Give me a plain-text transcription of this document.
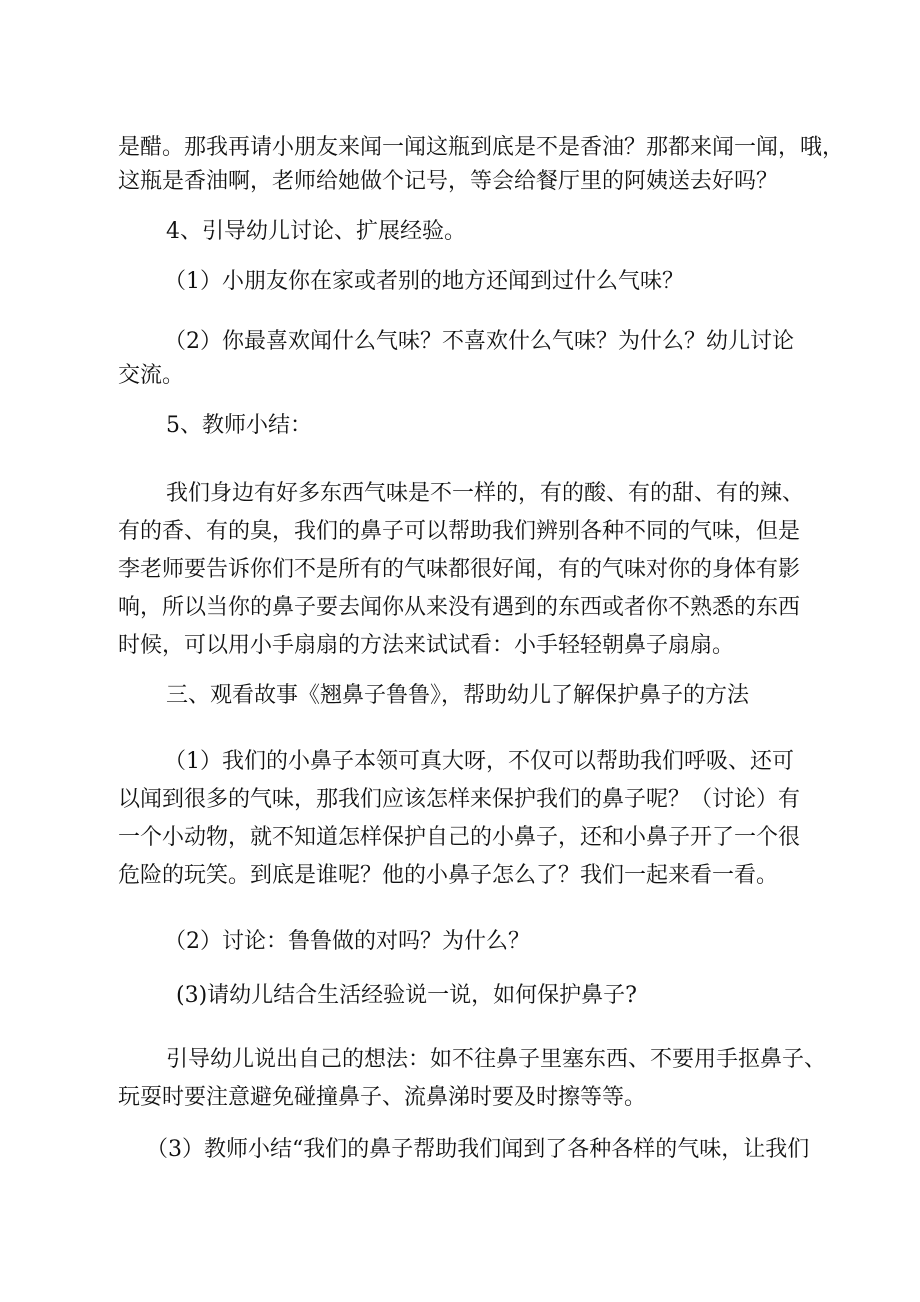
是醋。那我再请小朋友来闻一闻这瓶到底是不是香油？那都来闻一闻，哦，
这瓶是香油啊，老师给她做个记号，等会给餐厅里的阿姨送去好吗？
4、引导幼儿讨论、扩展经验。
（1）小朋友你在家或者别的地方还闻到过什么气味？
（2）你最喜欢闻什么气味？不喜欢什么气味？为什么？幼儿讨论
交流。
5、教师小结：
我们身边有好多东西气味是不一样的，有的酸、有的甜、有的辣、
有的香、有的臭，我们的鼻子可以帮助我们辨别各种不同的气味，但是
李老师要告诉你们不是所有的气味都很好闻，有的气味对你的身体有影
响，所以当你的鼻子要去闻你从来没有遇到的东西或者你不熟悉的东西
时候，可以用小手扇扇的方法来试试看：小手轻轻朝鼻子扇扇。
三、观看故事《翘鼻子鲁鲁》，帮助幼儿了解保护鼻子的方法
（1）我们的小鼻子本领可真大呀，不仅可以帮助我们呼吸、还可
以闻到很多的气味，那我们应该怎样来保护我们的鼻子呢？（讨论）有
一个小动物，就不知道怎样保护自己的小鼻子，还和小鼻子开了一个很
危险的玩笑。到底是谁呢？他的小鼻子怎么了？我们一起来看一看。
（2）讨论：鲁鲁做的对吗？为什么？
(3)请幼儿结合生活经验说一说，如何保护鼻子?
引导幼儿说出自己的想法：如不往鼻子里塞东西、不要用手抠鼻子、
玩耍时要注意避免碰撞鼻子、流鼻涕时要及时擦等等。
（3）教师小结“我们的鼻子帮助我们闻到了各种各样的气味，让我们
